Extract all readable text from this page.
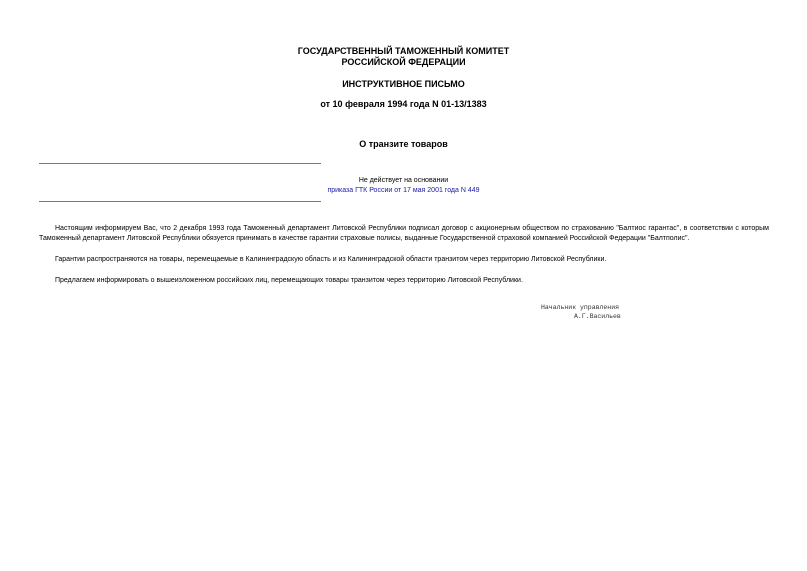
ГОСУДАРСТВЕННЫЙ ТАМОЖЕННЫЙ КОМИТЕТ
РОССИЙСКОЙ ФЕДЕРАЦИИ
ИНСТРУКТИВНОЕ ПИСЬМО
от 10 февраля 1994 года N 01-13/1383
О транзите товаров
Не действует на основании
приказа ГТК России от 17 мая 2001 года N 449

Настоящим информируем Вас, что 2 декабря 1993 года Таможенный департамент Литовской Республики подписал договор с акционерным обществом по страхованию "Балтиос гарантас", в соответствии с которым Таможенный департамент Литовской Республики обязуется принимать в качестве гарантии страховые полисы, выданные Государственной страховой компанией Российской Федерации "Балтполис".

Гарантии распространяются на товары, перемещаемые в Калининградскую область и из Калининградской области транзитом через территорию Литовской Республики.

Предлагаем информировать о вышеизложенном российских лиц, перемещающих товары транзитом через территорию Литовской Республики.

Начальник управления
А.Г.Васильев
